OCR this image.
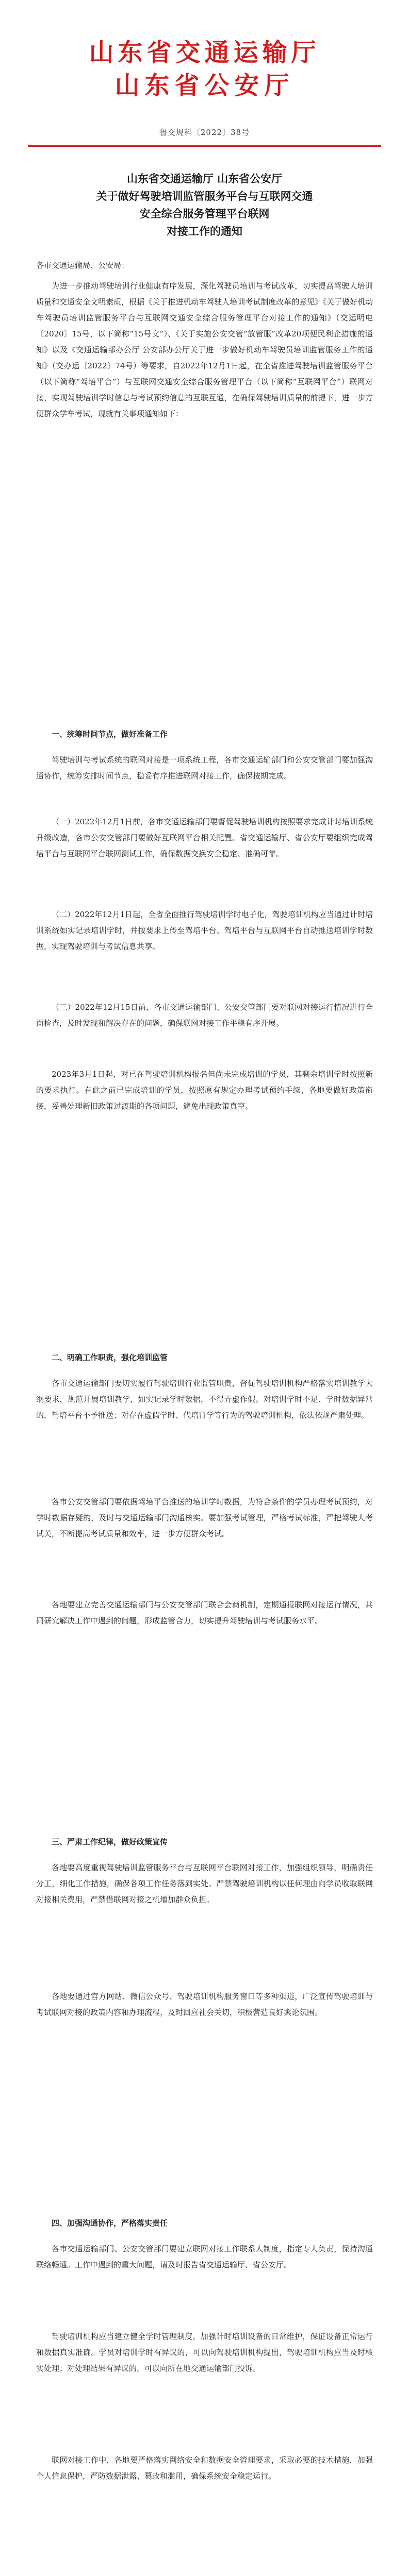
山东省交通运输厅
山东省公安厅
鲁交规科〔2022〕38号
山东省交通运输厅 山东省公安厅
关于做好驾驶培训监管服务平台与互联网交通
安全综合服务管理平台联网
对接工作的通知
各市交通运输局、公安局：
为进一步推动驾驶培训行业健康有序发展，深化驾驶员培训与考试改革，切实提高驾驶人培训质量和交通安全文明素质，根据《关于推进机动车驾驶人培训考试制度改革的意见》《关于做好机动车驾驶员培训监管服务平台与互联网交通安全综合服务管理平台对接工作的通知》（交运明电〔2020〕15号，以下简称“15号文”）、《关于实施公安交管“放管服”改革20项便民利企措施的通知》以及《交通运输部办公厅 公安部办公厅关于进一步做好机动车驾驶员培训监管服务工作的通知》（交办运〔2022〕74号）等要求，自2022年12月1日起，在全省推进驾驶培训监管服务平台（以下简称“驾培平台”）与互联网交通安全综合服务管理平台（以下简称“互联网平台”）联网对接，实现驾驶培训学时信息与考试预约信息的互联互通，在确保驾驶培训质量的前提下，进一步方便群众学车考试，现就有关事项通知如下：
一、统筹时间节点，做好准备工作
驾驶培训与考试系统的联网对接是一项系统工程，各市交通运输部门和公安交管部门要加强沟通协作，统筹安排时间节点，稳妥有序推进联网对接工作，确保按期完成。
（一）2022年12月1日前，各市交通运输部门要督促驾驶培训机构按照要求完成计时培训系统升级改造，各市公安交管部门要做好互联网平台相关配置。省交通运输厅、省公安厅要组织完成驾培平台与互联网平台联网测试工作，确保数据交换安全稳定、准确可靠。
（二）2022年12月1日起，全省全面推行驾驶培训学时电子化，驾驶培训机构应当通过计时培训系统如实记录培训学时，并按要求上传至驾培平台。驾培平台与互联网平台自动推送培训学时数据，实现驾驶培训与考试信息共享。
（三）2022年12月15日前，各市交通运输部门、公安交管部门要对联网对接运行情况进行全面检查，及时发现和解决存在的问题，确保联网对接工作平稳有序开展。
2023年3月1日起，对已在驾驶培训机构报名但尚未完成培训的学员，其剩余培训学时按照新的要求执行。在此之前已完成培训的学员，按照原有规定办理考试预约手续，各地要做好政策衔接，妥善处理新旧政策过渡期的各项问题，避免出现政策真空。
二、明确工作职责，强化培训监管
各市交通运输部门要切实履行驾驶培训行业监管职责，督促驾驶培训机构严格落实培训教学大纲要求，规范开展培训教学，如实记录学时数据，不得弄虚作假。对培训学时不足、学时数据异常的，驾培平台不予推送；对存在虚假学时、代培冒学等行为的驾驶培训机构，依法依规严肃处理。
各市公安交管部门要依据驾培平台推送的培训学时数据，为符合条件的学员办理考试预约，对学时数据存疑的，及时与交通运输部门沟通核实。要加强考试管理，严格考试标准，严把驾驶人考试关，不断提高考试质量和效率，进一步方便群众考试。
各地要建立完善交通运输部门与公安交管部门联合会商机制，定期通报联网对接运行情况，共同研究解决工作中遇到的问题，形成监管合力，切实提升驾驶培训与考试服务水平。
三、严肃工作纪律，做好政策宣传
各地要高度重视驾驶培训监管服务平台与互联网平台联网对接工作，加强组织领导，明确责任分工，细化工作措施，确保各项工作任务落到实处。严禁驾驶培训机构以任何理由向学员收取联网对接相关费用，严禁借联网对接之机增加群众负担。
各地要通过官方网站、微信公众号、驾驶培训机构服务窗口等多种渠道，广泛宣传驾驶培训与考试联网对接的政策内容和办理流程，及时回应社会关切，积极营造良好舆论氛围。
四、加强沟通协作，严格落实责任
各市交通运输部门、公安交管部门要建立联网对接工作联系人制度，指定专人负责，保持沟通联络畅通。工作中遇到的重大问题，请及时报告省交通运输厅、省公安厅。
驾驶培训机构应当建立健全学时管理制度，加强计时培训设备的日常维护，保证设备正常运行和数据真实准确。学员对培训学时有异议的，可以向驾驶培训机构提出，驾驶培训机构应当及时核实处理；对处理结果有异议的，可以向所在地交通运输部门投诉。
联网对接工作中，各地要严格落实网络安全和数据安全管理要求，采取必要的技术措施，加强个人信息保护，严防数据泄露、篡改和滥用，确保系统安全稳定运行。
